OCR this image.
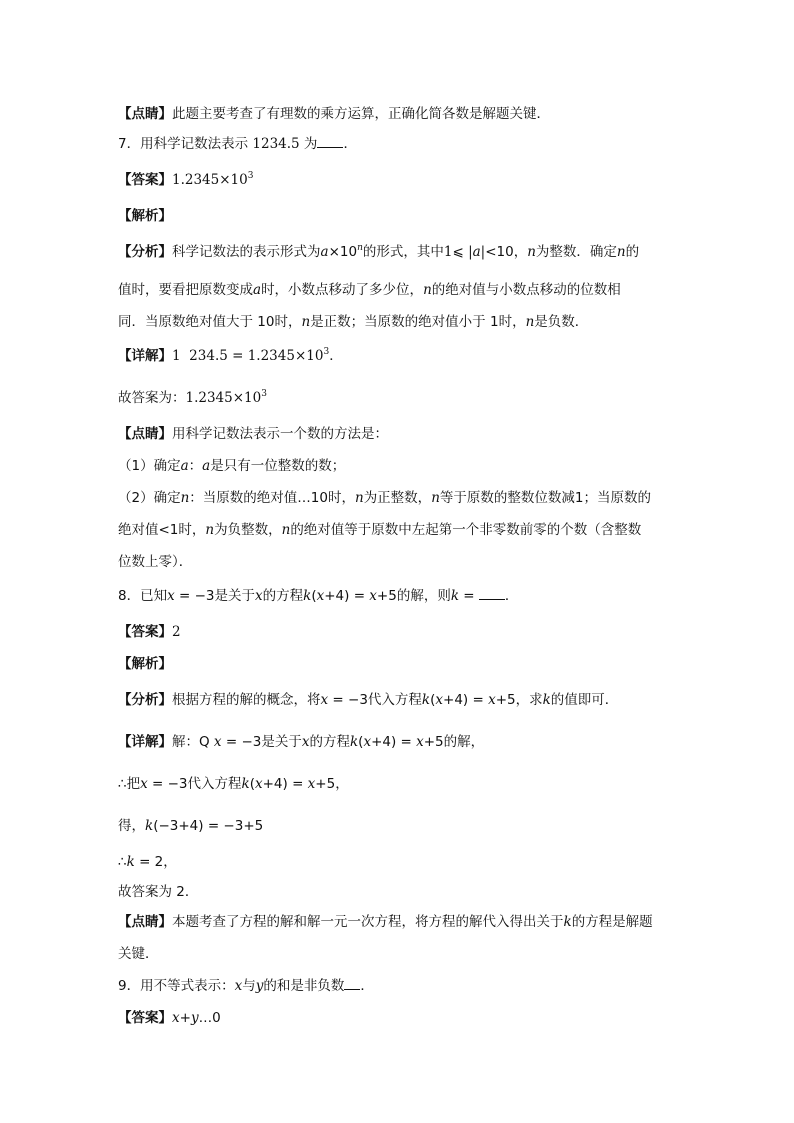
【点睛】此题主要考查了有理数的乘方运算，正确化简各数是解题关键．
7．用科学记数法表示 1234.5 为 ．
【答案】$1.2345\times 10^3$
【解析】
【分析】科学记数法的表示形式为$a\times 10^n$的形式，其中1⩽ |a|<10，n为整数．确定n的
值时，要看把原数变成a时，小数点移动了多少位，n的绝对值与小数点移动的位数相
同．当原数绝对值大于 10时，n是正数；当原数的绝对值小于 1时，n是负数．
【详解】1  $234.5 = 1.2345\times 10^3$．
故答案为：$1.2345\times 10^3$
【点睛】用科学记数法表示一个数的方法是：
（1）确定a：a是只有一位整数的数；
（2）确定n：当原数的绝对值…10时，n为正整数，n等于原数的整数位数减1；当原数的
绝对值<1时，n为负整数，n的绝对值等于原数中左起第一个非零数前零的个数（含整数
位数上零）．
8．已知x = −3是关于x的方程k(x+4) = x+5的解，则k = ．
【答案】2
【解析】
【分析】根据方程的解的概念，将x = −3代入方程k(x+4) = x+5，求k的值即可．
【详解】解：Q x = −3是关于x的方程k(x+4) = x+5的解，
∴把x = −3代入方程k(x+4) = x+5，
得，k(−3+4) = −3+5
∴k = 2，
故答案为 2．
【点睛】本题考查了方程的解和解一元一次方程，将方程的解代入得出关于k的方程是解题
关键．
9．用不等式表示：x与y的和是非负数 ．
【答案】x+y…0
